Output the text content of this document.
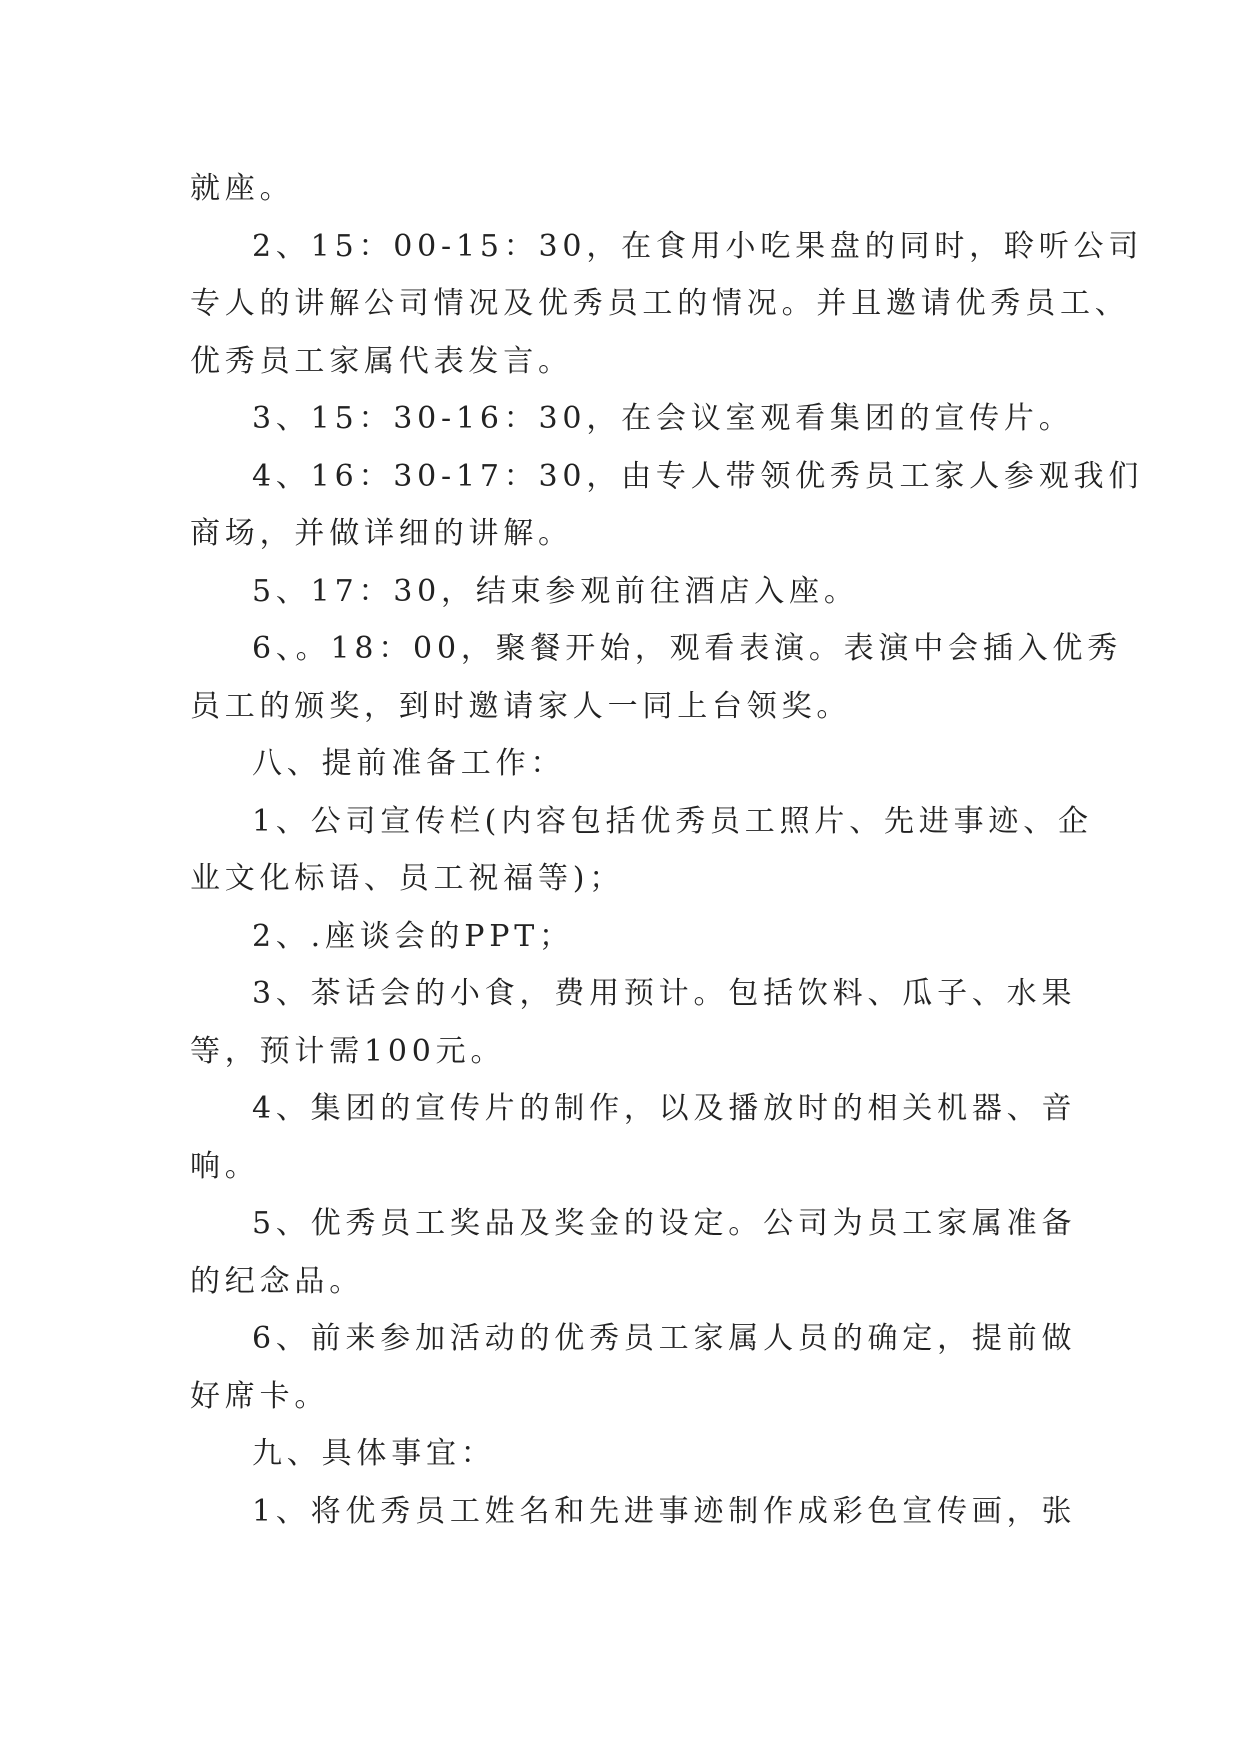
就座。
2、15：00-15：30，在食用小吃果盘的同时，聆听公司
专人的讲解公司情况及优秀员工的情况。并且邀请优秀员工、
优秀员工家属代表发言。
3、15：30-16：30，在会议室观看集团的宣传片。
4、16：30-17：30，由专人带领优秀员工家人参观我们
商场，并做详细的讲解。
5、17：30，结束参观前往酒店入座。
6、。18：00，聚餐开始，观看表演。表演中会插入优秀
员工的颁奖，到时邀请家人一同上台领奖。
八、提前准备工作：
1、公司宣传栏(内容包括优秀员工照片、先进事迹、企
业文化标语、员工祝福等)；
2、.座谈会的PPT；
3、茶话会的小食，费用预计。包括饮料、瓜子、水果
等，预计需100元。
4、集团的宣传片的制作，以及播放时的相关机器、音
响。
5、优秀员工奖品及奖金的设定。公司为员工家属准备
的纪念品。
6、前来参加活动的优秀员工家属人员的确定，提前做
好席卡。
九、具体事宜：
1、将优秀员工姓名和先进事迹制作成彩色宣传画，张
